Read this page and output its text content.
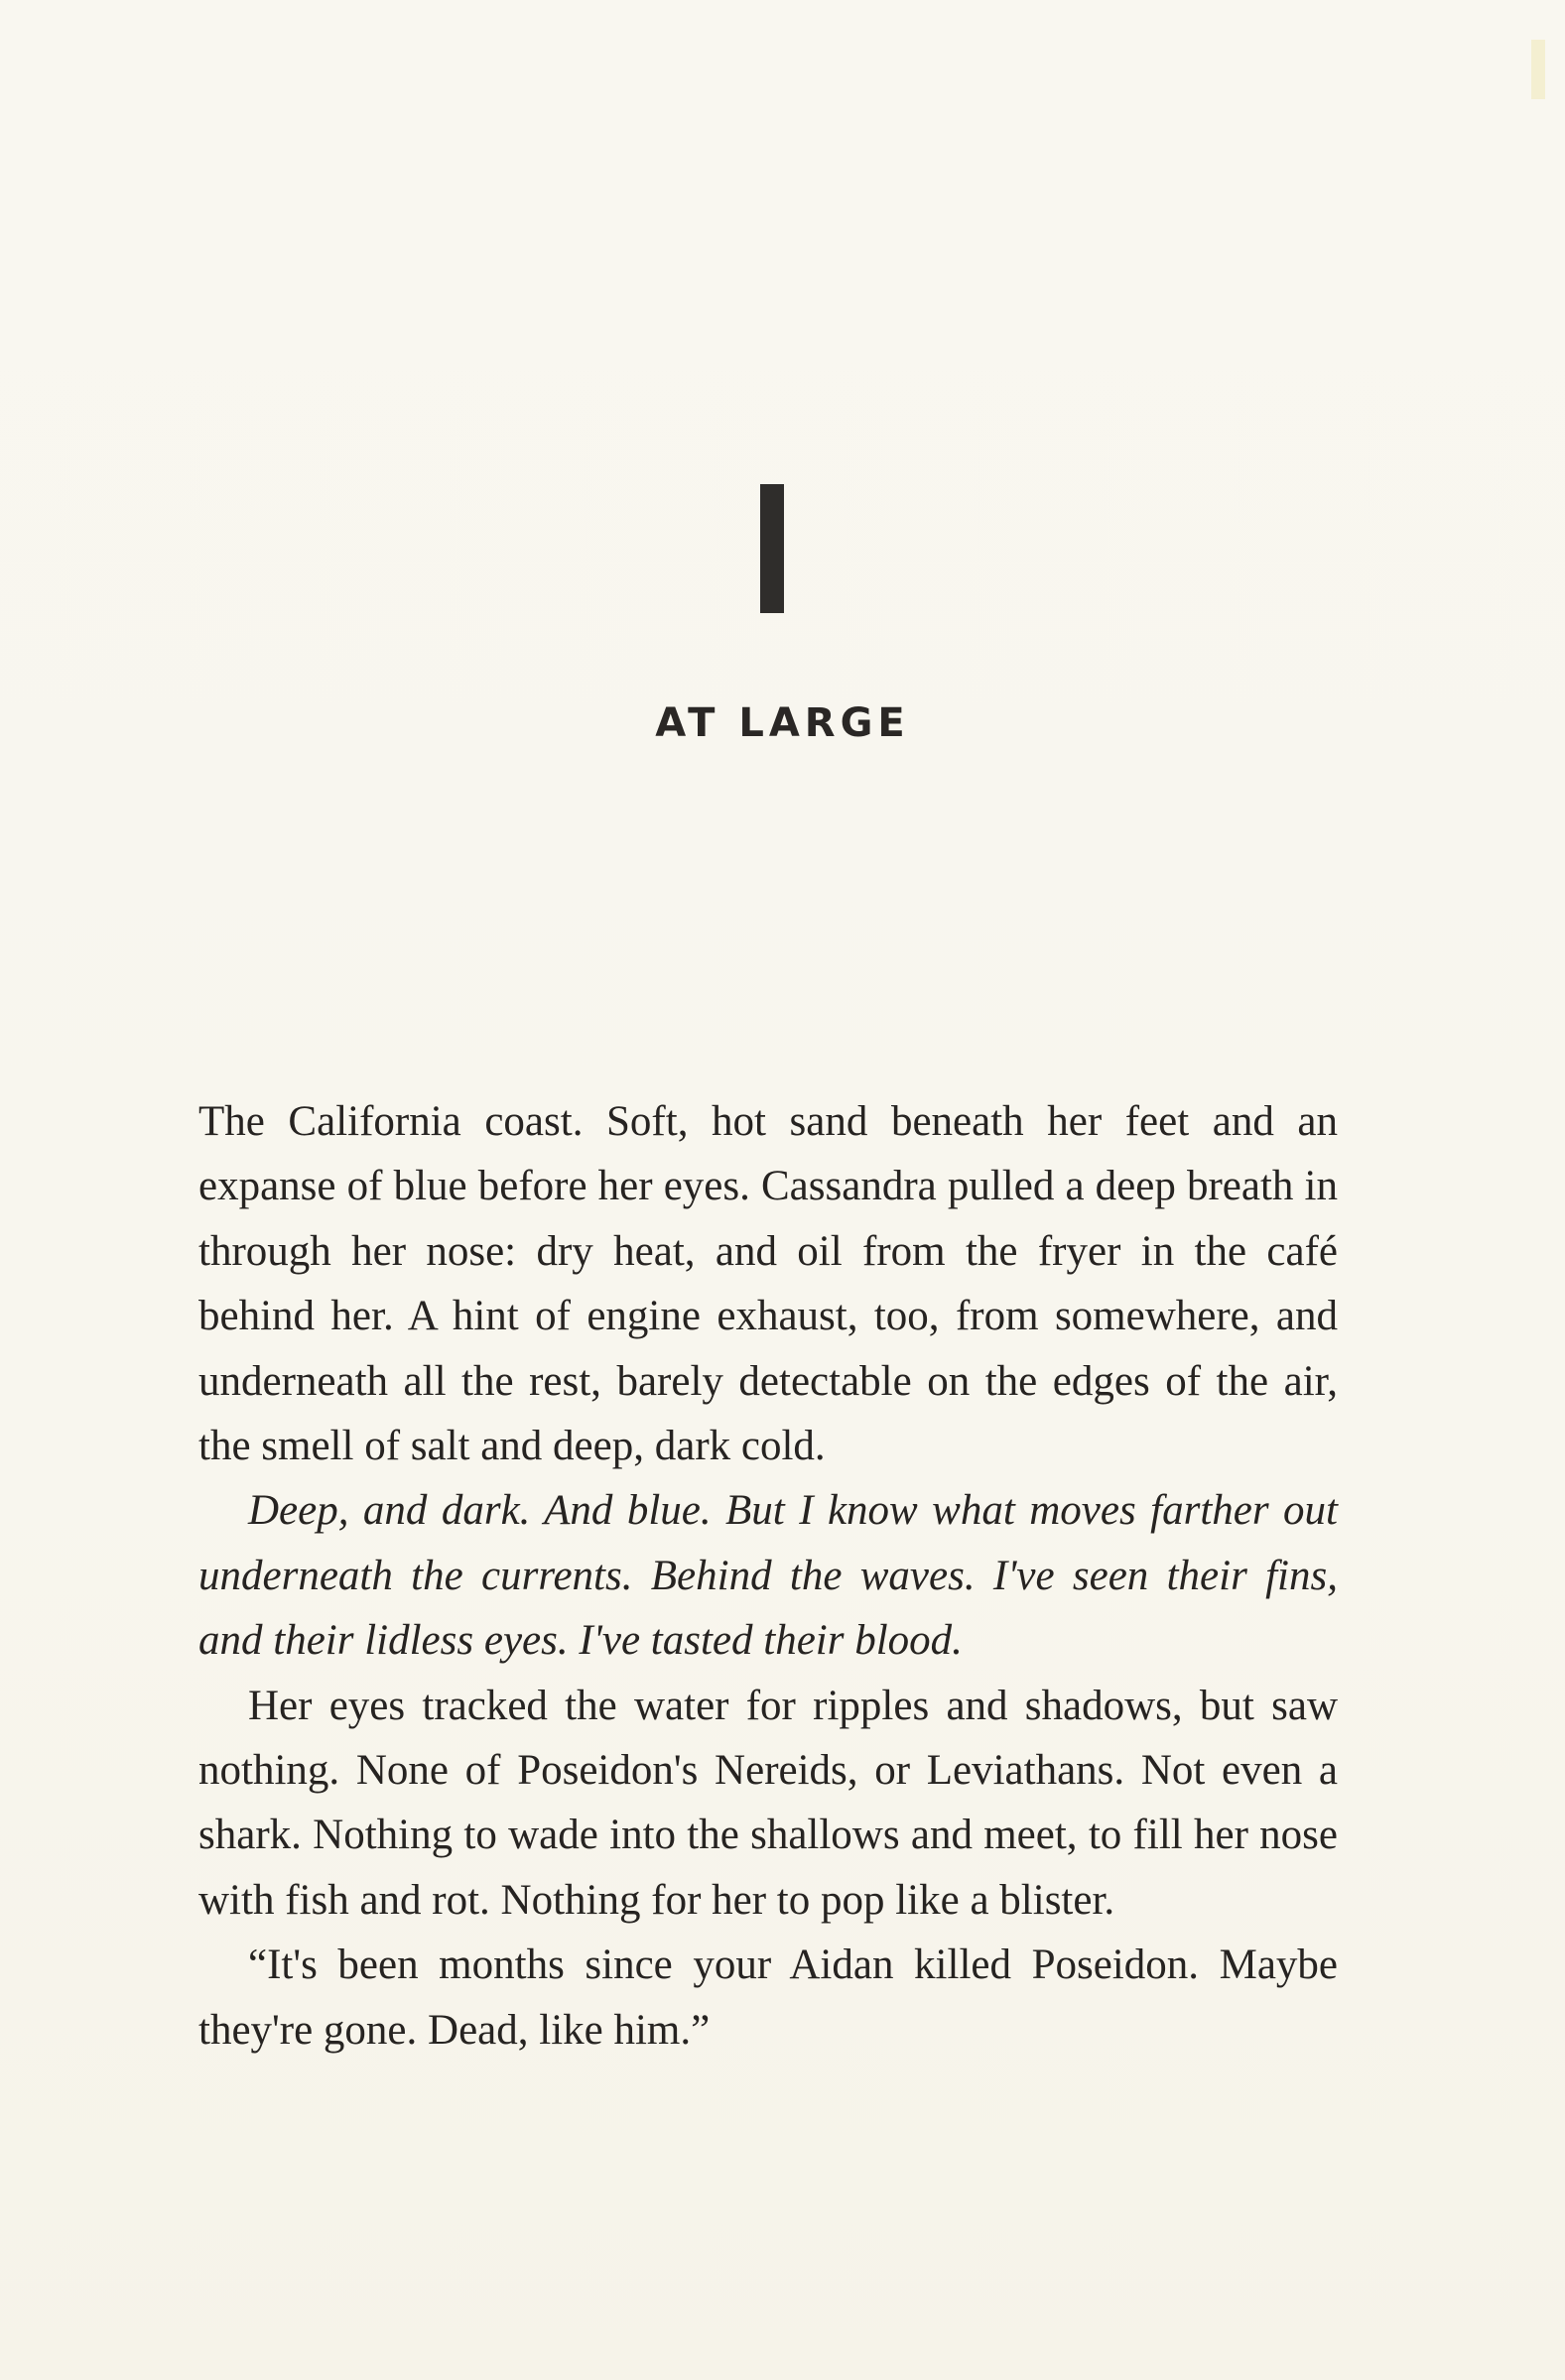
AT LARGE

The California coast. Soft, hot sand beneath her feet and an expanse of blue before her eyes. Cassandra pulled a deep breath in through her nose: dry heat, and oil from the fryer in the café behind her. A hint of engine exhaust, too, from somewhere, and underneath all the rest, barely detectable on the edges of the air, the smell of salt and deep, dark cold.

Deep, and dark. And blue. But I know what moves farther out underneath the currents. Behind the waves. I've seen their fins, and their lidless eyes. I've tasted their blood.

Her eyes tracked the water for ripples and shadows, but saw nothing. None of Poseidon's Nereids, or Leviathans. Not even a shark. Nothing to wade into the shallows and meet, to fill her nose with fish and rot. Nothing for her to pop like a blister.

“It's been months since your Aidan killed Poseidon. Maybe they're gone. Dead, like him.”
